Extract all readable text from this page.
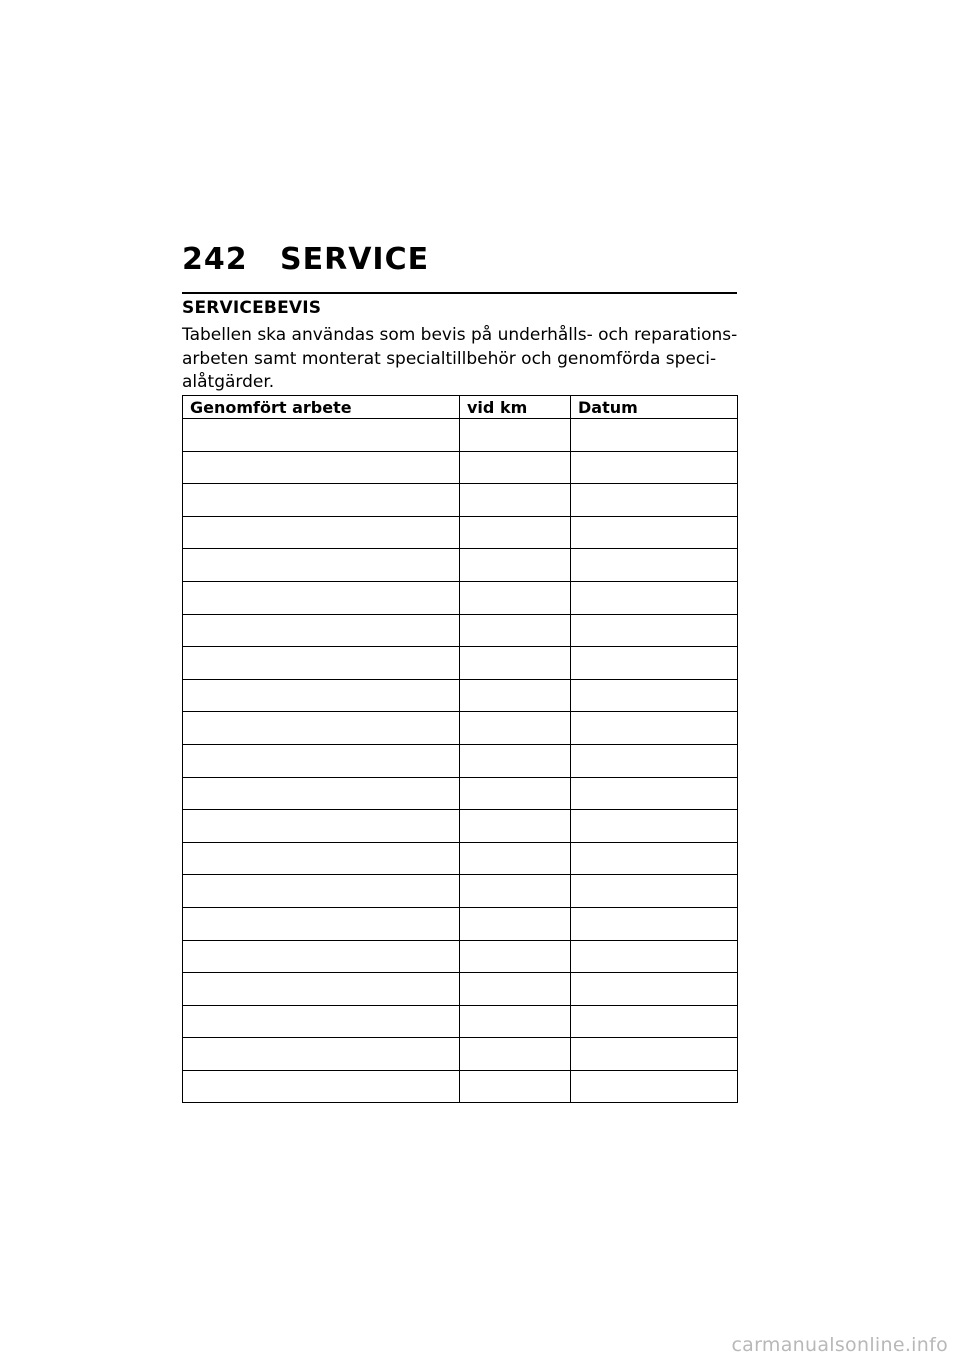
242 SERVICE
SERVICEBEVIS

Tabellen ska användas som bevis på underhålls- och reparations-
arbeten samt monterat specialtillbehör och genomförda speci-
alåtgärder.

Genomfört arbete	vid km	Datum

carmanualsonline.info
